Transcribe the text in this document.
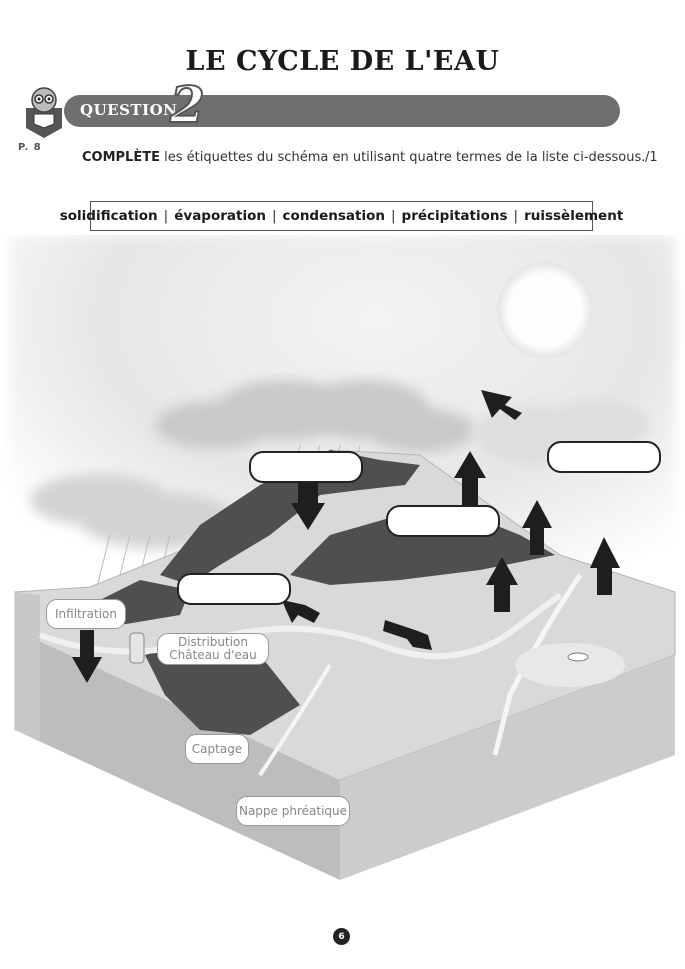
LE CYCLE DE L'EAU
P. 8
QUESTION
2
COMPLÈTE les étiquettes du schéma en utilisant quatre termes de la liste ci-dessous. /1
solidification | évaporation | condensation | précipitations | ruissèlement
Infiltration
Distribution
Château d'eau
Captage
Nappe phréatique
6
